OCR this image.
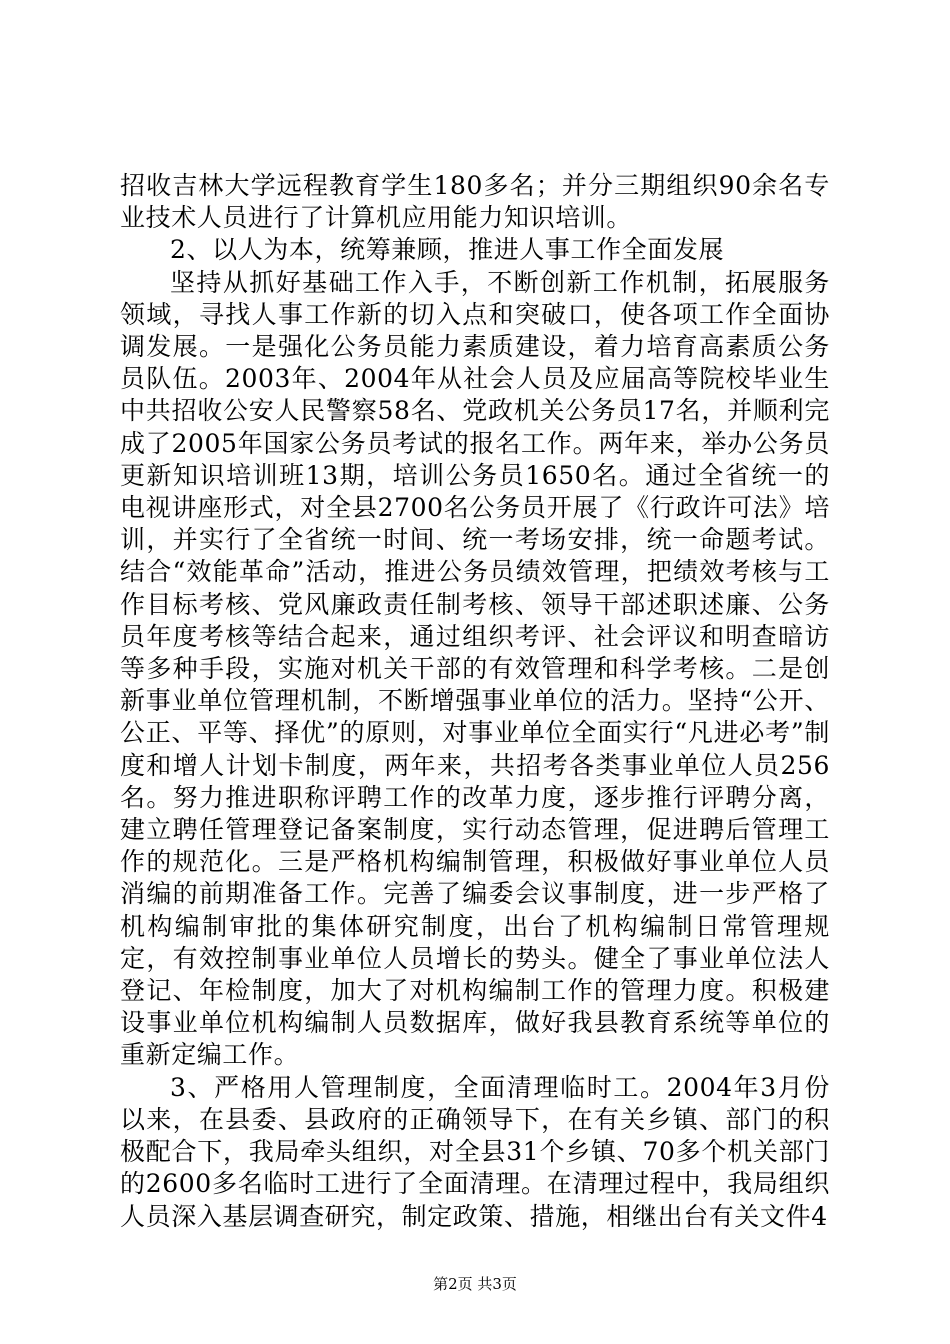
招收吉林大学远程教育学生180多名；并分三期组织90余名专业技术人员进行了计算机应用能力知识培训。

2、以人为本，统筹兼顾，推进人事工作全面发展

坚持从抓好基础工作入手，不断创新工作机制，拓展服务领域，寻找人事工作新的切入点和突破口，使各项工作全面协调发展。一是强化公务员能力素质建设，着力培育高素质公务员队伍。2003年、2004年从社会人员及应届高等院校毕业生中共招收公安人民警察58名、党政机关公务员17名，并顺利完成了2005年国家公务员考试的报名工作。两年来，举办公务员更新知识培训班13期，培训公务员1650名。通过全省统一的电视讲座形式，对全县2700名公务员开展了《行政许可法》培训，并实行了全省统一时间、统一考场安排，统一命题考试。结合“效能革命”活动，推进公务员绩效管理，把绩效考核与工作目标考核、党风廉政责任制考核、领导干部述职述廉、公务员年度考核等结合起来，通过组织考评、社会评议和明查暗访等多种手段，实施对机关干部的有效管理和科学考核。二是创新事业单位管理机制，不断增强事业单位的活力。坚持“公开、公正、平等、择优”的原则，对事业单位全面实行“凡进必考”制度和增人计划卡制度，两年来，共招考各类事业单位人员256名。努力推进职称评聘工作的改革力度，逐步推行评聘分离，建立聘任管理登记备案制度，实行动态管理，促进聘后管理工作的规范化。三是严格机构编制管理，积极做好事业单位人员消编的前期准备工作。完善了编委会议事制度，进一步严格了机构编制审批的集体研究制度，出台了机构编制日常管理规定，有效控制事业单位人员增长的势头。健全了事业单位法人登记、年检制度，加大了对机构编制工作的管理力度。积极建设事业单位机构编制人员数据库，做好我县教育系统等单位的重新定编工作。

3、严格用人管理制度，全面清理临时工。2004年3月份以来，在县委、县政府的正确领导下，在有关乡镇、部门的积极配合下，我局牵头组织，对全县31个乡镇、70多个机关部门的2600多名临时工进行了全面清理。在清理过程中，我局组织人员深入基层调查研究，制定政策、措施，相继出台有关文件4

第2页 共3页
